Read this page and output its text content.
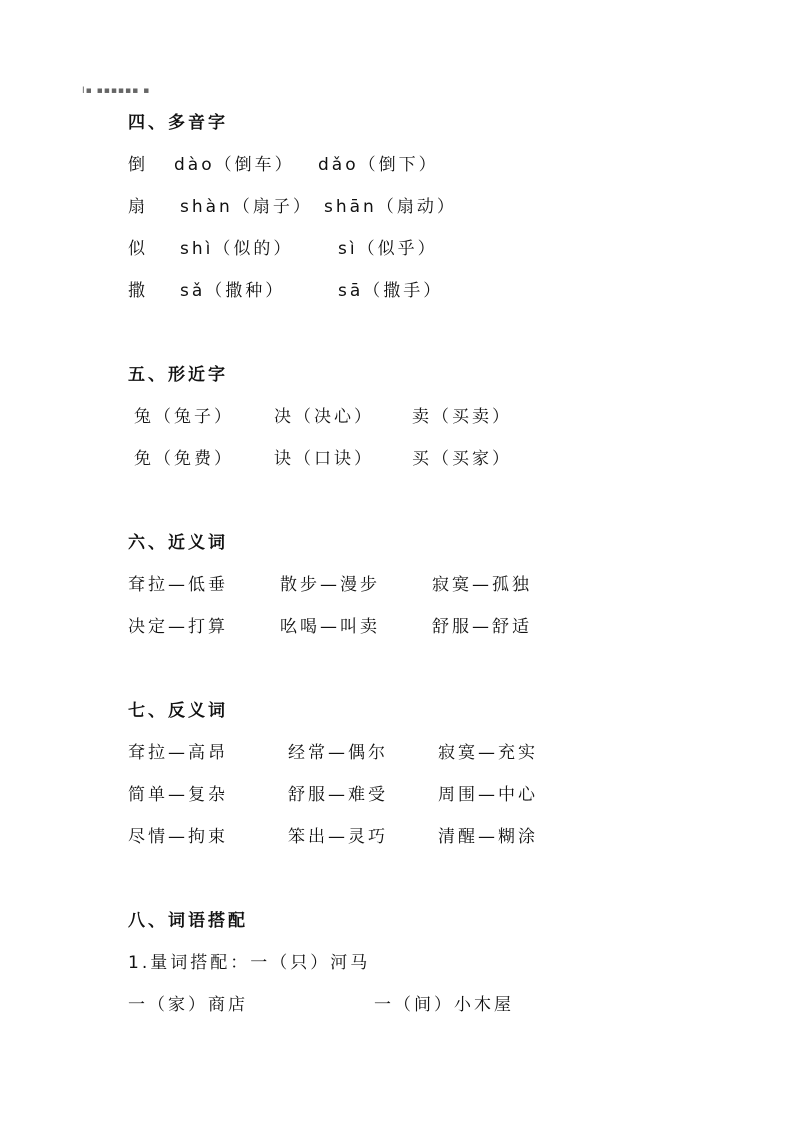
I▪ ▪▪▪▪▪▪ ▪
四、多音字
倒 dào（倒车） dǎo（倒下）
扇 shàn（扇子） shān（扇动）
似 shì（似的）	sì（似乎）
撒 sǎ（撒种）	sā（撒手）
五、形近字
兔（兔子） 决（决心） 卖（买卖）
免（免费） 诀（口诀） 买（买家）
六、近义词
耷拉—低垂	散步—漫步	寂寞—孤独
决定—打算	吆喝—叫卖	舒服—舒适
七、反义词
耷拉—高昂	经常—偶尔	寂寞—充实
简单—复杂	舒服—难受	周围—中心
尽情—拘束	笨出—灵巧	清醒—糊涂
八、词语搭配
1.量词搭配：一（只）河马
一（家）商店	一（间）小木屋
